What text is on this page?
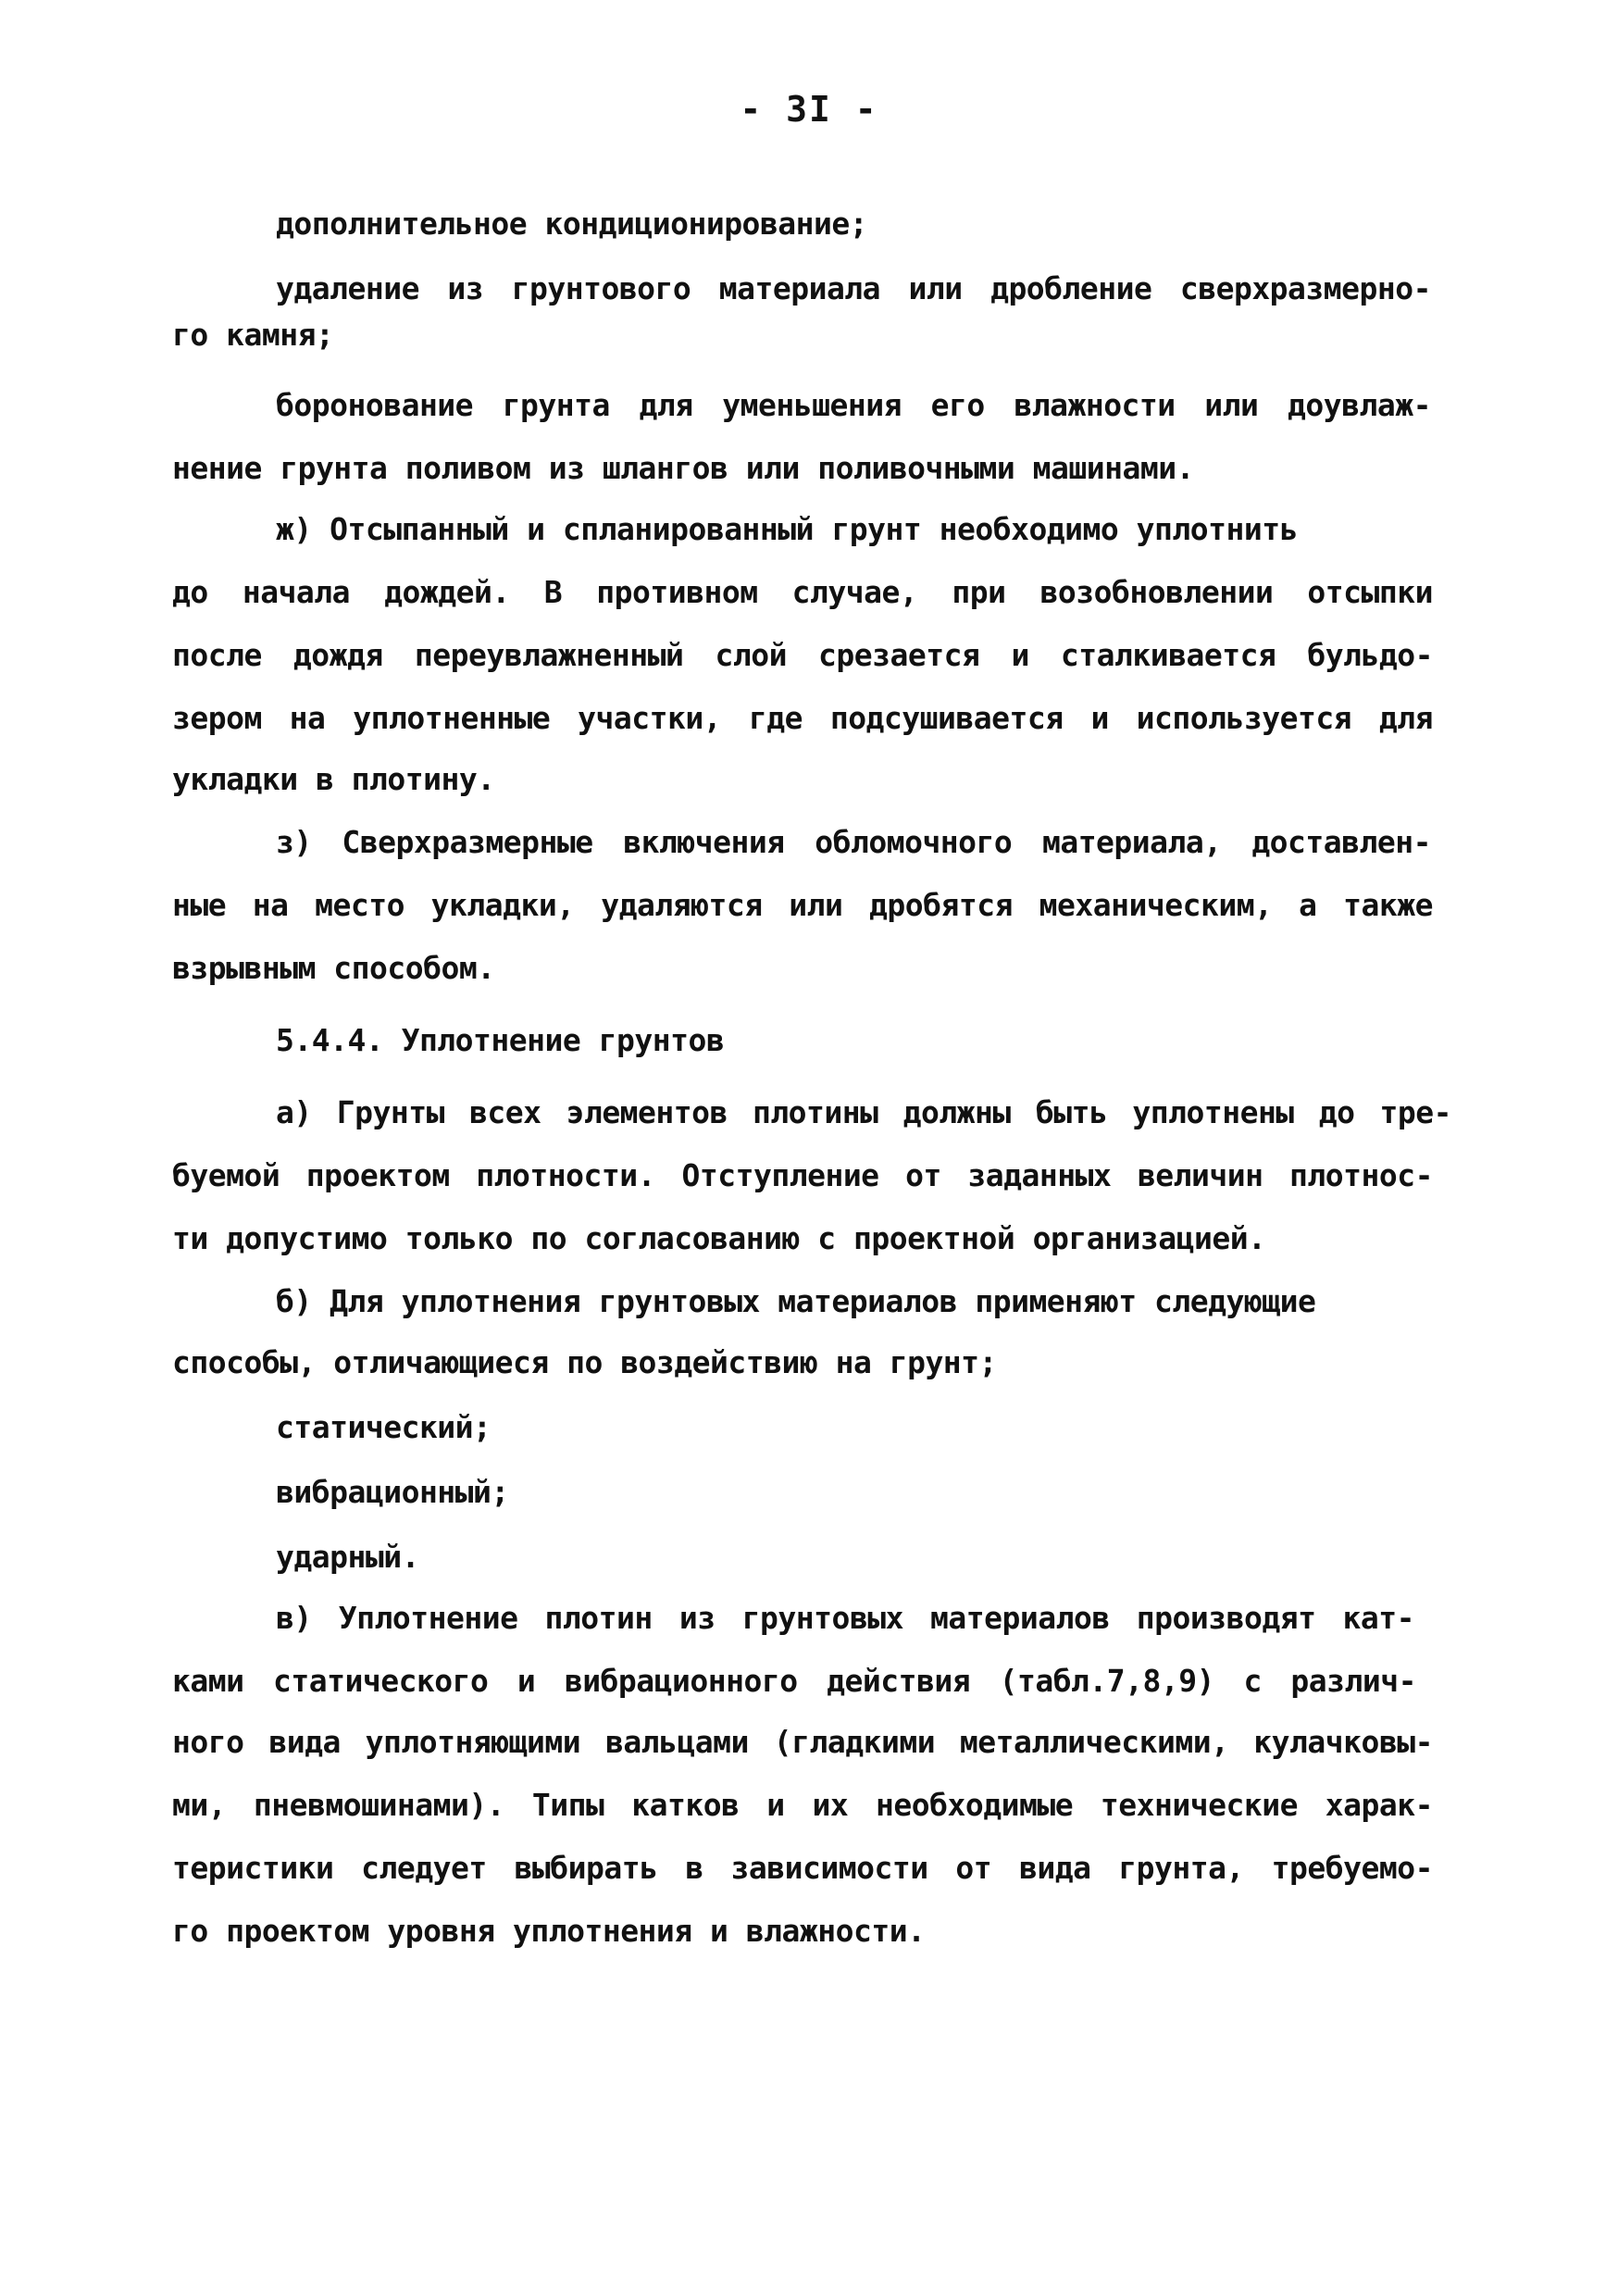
- 3I -
дополнительное кондиционирование;
удаление из грунтового материала или дробление сверхразмерно-
го камня;
боронование грунта для уменьшения его влажности или доувлаж-
нение грунта поливом из шлангов или поливочными машинами.
ж) Отсыпанный и спланированный грунт необходимо уплотнить
до начала дождей. В противном случае, при возобновлении отсыпки
после дождя переувлажненный слой срезается и сталкивается бульдо-
зером на уплотненные участки, где подсушивается и используется для
укладки в плотину.
з) Сверхразмерные включения обломочного материала, доставлен-
ные на место укладки, удаляются или дробятся механическим, а также
взрывным способом.
5.4.4. Уплотнение грунтов
а) Грунты всех элементов плотины должны быть уплотнены до тре-
буемой проектом плотности. Отступление от заданных величин плотнос-
ти допустимо только по согласованию с проектной организацией.
б) Для уплотнения грунтовых материалов применяют следующие
способы, отличающиеся по воздействию на грунт;
статический;
вибрационный;
ударный.
в) Уплотнение плотин из грунтовых материалов производят кат-
ками статического и вибрационного действия (табл.7,8,9) с различ-
ного вида уплотняющими вальцами (гладкими металлическими, кулачковы-
ми, пневмошинами). Типы катков и их необходимые технические харак-
теристики следует выбирать в зависимости от вида грунта, требуемо-
го проектом уровня уплотнения и влажности.
